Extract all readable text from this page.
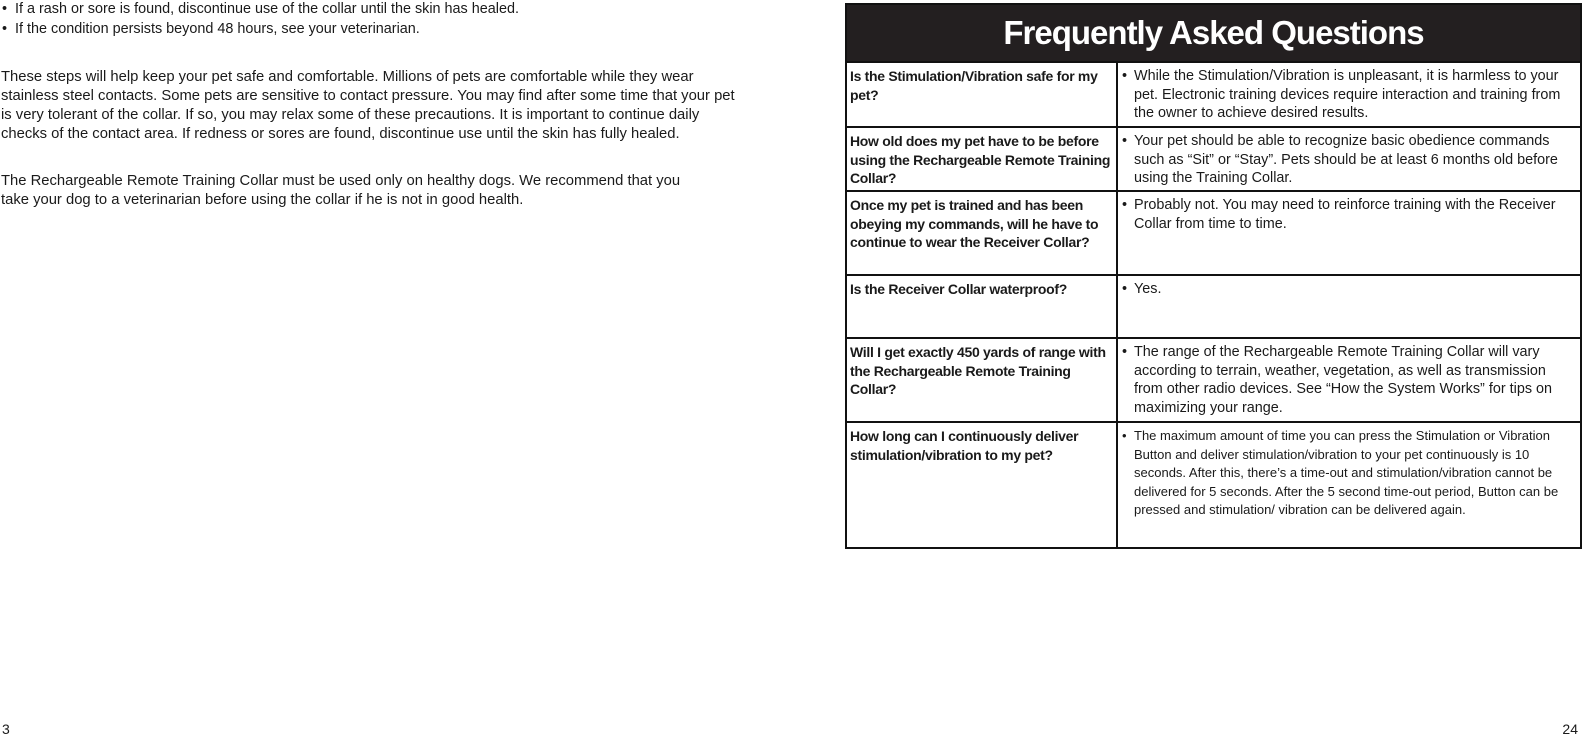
• If a rash or sore is found, discontinue use of the collar until the skin has healed.
• If the condition persists beyond 48 hours, see your veterinarian.

These steps will help keep your pet safe and comfortable. Millions of pets are comfortable while they wear stainless steel contacts. Some pets are sensitive to contact pressure. You may find after some time that your pet is very tolerant of the collar. If so, you may relax some of these precautions. It is important to continue daily checks of the contact area. If redness or sores are found, discontinue use until the skin has fully healed.

The Rechargeable Remote Training Collar must be used only on healthy dogs. We recommend that you take your dog to a veterinarian before using the collar if he is not in good health.

3
Frequently Asked Questions
Is the Stimulation/Vibration safe for my pet?
• While the Stimulation/Vibration is unpleasant, it is harmless to your pet. Electronic training devices require interaction and training from the owner to achieve desired results.
How old does my pet have to be before using the Rechargeable Remote Training Collar?
• Your pet should be able to recognize basic obedience commands such as “Sit” or “Stay”. Pets should be at least 6 months old before using the Training Collar.
Once my pet is trained and has been obeying my commands, will he have to continue to wear the Receiver Collar?
• Probably not. You may need to reinforce training with the Receiver Collar from time to time.
Is the Receiver Collar waterproof?	• Yes.
Will I get exactly 450 yards of range with the Rechargeable Remote Training Collar?
• The range of the Rechargeable Remote Training Collar will vary according to terrain, weather, vegetation, as well as transmission from other radio devices. See “How the System Works” for tips on maximizing your range.
How long can I continuously deliver stimulation/vibration to my pet?
• The maximum amount of time you can press the Stimulation or Vibration Button and deliver stimulation/vibration to your pet continuously is 10 seconds. After this, there’s a time-out and stimulation/vibration cannot be delivered for 5 seconds. After the 5 second time-out period, Button can be pressed and stimulation/ vibration can be delivered again.
24
